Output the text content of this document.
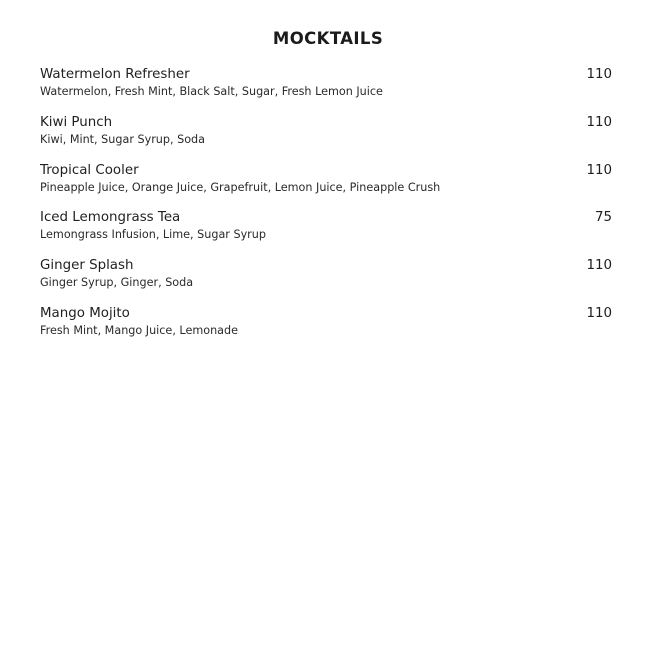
MOCKTAILS
Watermelon Refresher	110
Watermelon, Fresh Mint, Black Salt, Sugar, Fresh Lemon Juice
Kiwi Punch	110
Kiwi, Mint, Sugar Syrup, Soda
Tropical Cooler	110
Pineapple Juice, Orange Juice, Grapefruit, Lemon Juice, Pineapple Crush
Iced Lemongrass Tea	75
Lemongrass Infusion, Lime, Sugar Syrup
Ginger Splash	110
Ginger Syrup, Ginger, Soda
Mango Mojito	110
Fresh Mint, Mango Juice, Lemonade
